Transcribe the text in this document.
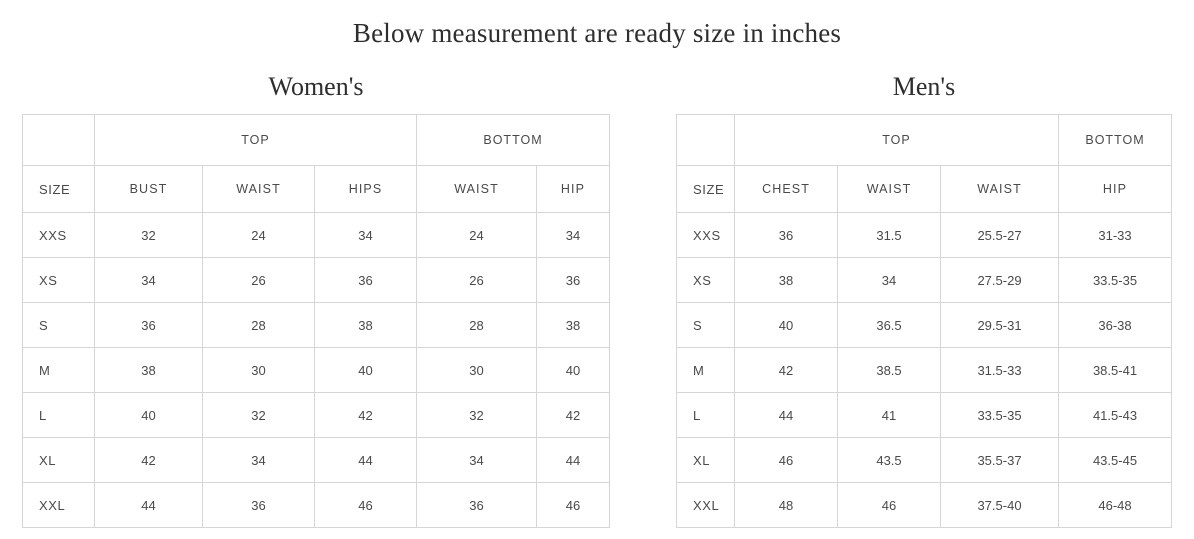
Below measurement are ready size in inches
Women's
	TOP			BOTTOM	
SIZE	BUST	WAIST	HIPS	WAIST	HIP
XXS	32	24	34	24	34
XS	34	26	36	26	36
S	36	28	38	28	38
M	38	30	40	30	40
L	40	32	42	32	42
XL	42	34	44	34	44
XXL	44	36	46	36	46
Men's
	TOP			BOTTOM
SIZE	CHEST	WAIST	WAIST	HIP
XXS	36	31.5	25.5-27	31-33
XS	38	34	27.5-29	33.5-35
S	40	36.5	29.5-31	36-38
M	42	38.5	31.5-33	38.5-41
L	44	41	33.5-35	41.5-43
XL	46	43.5	35.5-37	43.5-45
XXL	48	46	37.5-40	46-48
